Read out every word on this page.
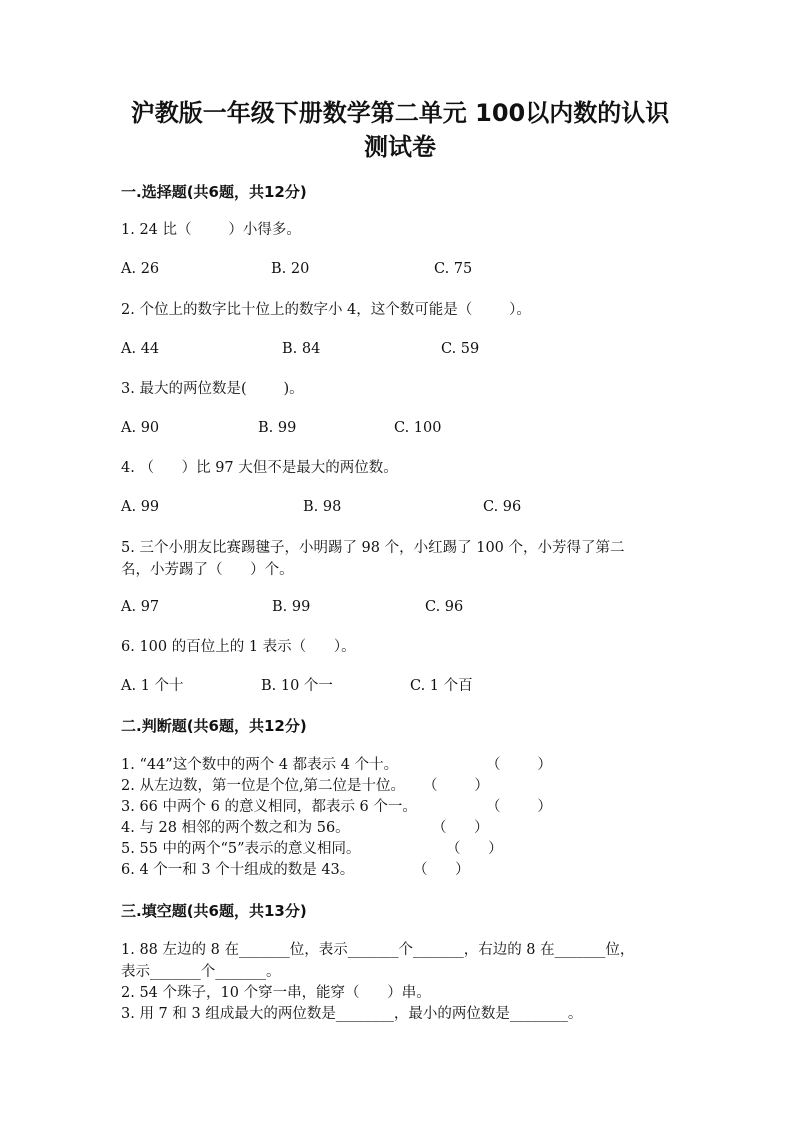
沪教版一年级下册数学第二单元 100以内数的认识
测试卷
一.选择题(共6题，共12分)
1. 24 比（        ）小得多。
A. 26	B. 20	C. 75
2. 个位上的数字比十位上的数字小 4，这个数可能是（        ）。
A. 44	B. 84	C. 59
3. 最大的两位数是(        )。
A. 90	B. 99	C. 100
4. （      ）比 97 大但不是最大的两位数。
A. 99	B. 98	C. 96
5. 三个小朋友比赛踢毽子，小明踢了 98 个，小红踢了 100 个，小芳得了第二
名，小芳踢了（      ）个。
A. 97	B. 99	C. 96
6. 100 的百位上的 1 表示（      ）。
A. 1 个十	B. 10 个一	C. 1 个百
二.判断题(共6题，共12分)
1. “44”这个数中的两个 4 都表示 4 个十。	（        ）
2. 从左边数，第一位是个位,第二位是十位。 （        ）
3. 66 中两个 6 的意义相同，都表示 6 个一。	（        ）
4. 与 28 相邻的两个数之和为 56。	（      ）
5. 55 中的两个“5”表示的意义相同。	（      ）
6. 4 个一和 3 个十组成的数是 43。	（      ）
三.填空题(共6题，共13分)
1. 88 左边的 8 在_______位，表示_______个_______，右边的 8 在_______位，
表示_______个_______。
2. 54 个珠子，10 个穿一串，能穿（      ）串。
3. 用 7 和 3 组成最大的两位数是________，最小的两位数是________。
